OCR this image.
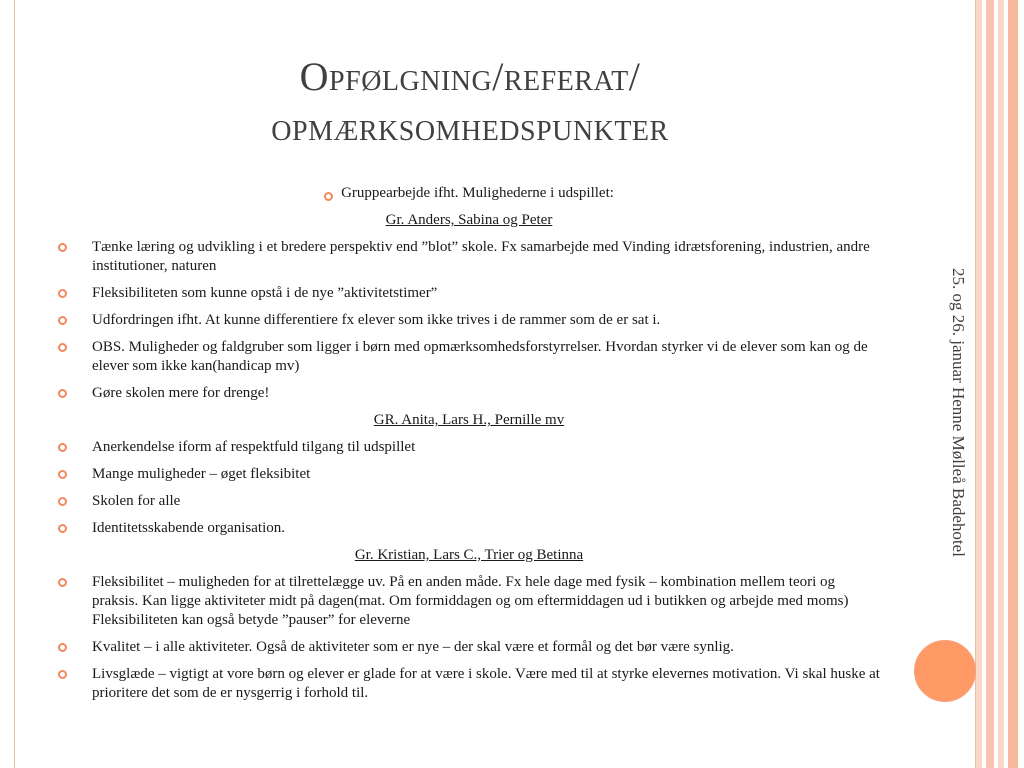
Opfølgning/referat/
opmærksomhedspunkter
25. og 26. januar Henne Mølleå Badehotel
Gruppearbejde ifht. Mulighederne i udspillet:
Gr. Anders, Sabina og Peter
Tænke læring og udvikling i et bredere perspektiv end ”blot” skole. Fx samarbejde med Vinding idrætsforening, industrien, andre institutioner, naturen
Fleksibiliteten som kunne opstå i de nye ”aktivitetstimer”
Udfordringen ifht. At kunne differentiere fx elever som ikke trives i de rammer som de er sat i.
OBS. Muligheder og faldgruber som ligger i børn med opmærksomhedsforstyrrelser. Hvordan styrker vi de elever som kan og de elever som ikke kan(handicap mv)
Gøre skolen mere for drenge!
GR. Anita, Lars H., Pernille mv
Anerkendelse iform af respektfuld tilgang til udspillet
Mange muligheder – øget fleksibitet
Skolen for alle
Identitetsskabende organisation.
Gr. Kristian, Lars C., Trier og Betinna
Fleksibilitet – muligheden for at tilrettelægge uv. På en anden måde. Fx hele dage med fysik – kombination mellem teori og praksis. Kan ligge aktiviteter midt på dagen(mat. Om formiddagen og om eftermiddagen ud i butikken og arbejde med moms) Fleksibiliteten kan også betyde ”pauser” for eleverne
Kvalitet – i alle aktiviteter. Også de aktiviteter som er nye – der skal være et formål og det bør være synlig.
Livsglæde – vigtigt at vore børn og elever er glade for at være i skole. Være med til at styrke elevernes motivation. Vi skal huske at prioritere det som de er nysgerrig i forhold til.
